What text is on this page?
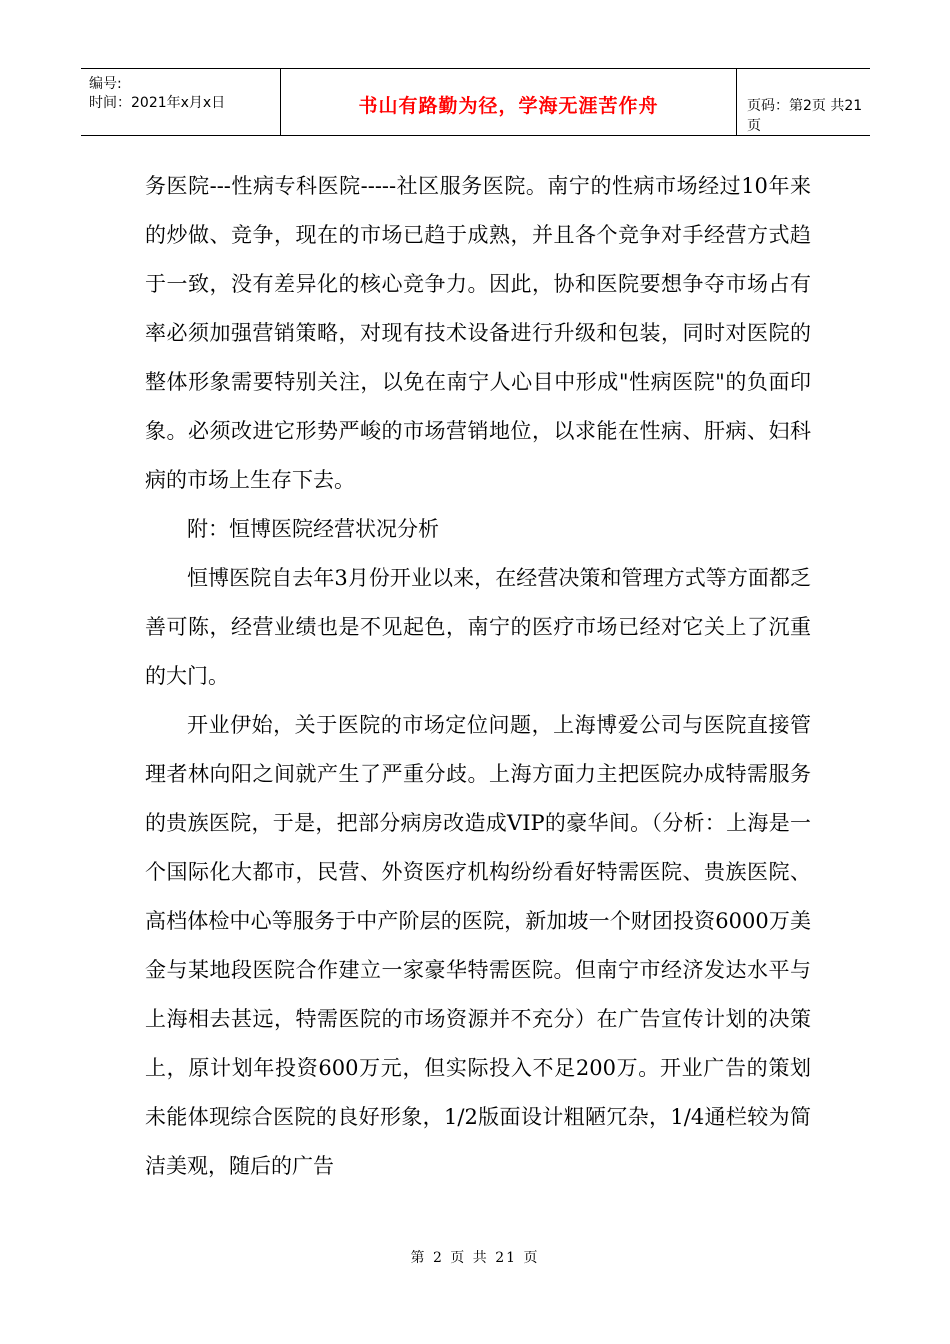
编号:
时间：2021年x月x日	书山有路勤为径，学海无涯苦作舟	页码：第2页 共21页

务医院---性病专科医院-----社区服务医院。南宁的性病市场经过10年来的炒做、竞争，现在的市场已趋于成熟，并且各个竞争对手经营方式趋于一致，没有差异化的核心竞争力。因此，协和医院要想争夺市场占有率必须加强营销策略，对现有技术设备进行升级和包装，同时对医院的整体形象需要特别关注，以免在南宁人心目中形成"性病医院"的负面印象。必须改进它形势严峻的市场营销地位，以求能在性病、肝病、妇科病的市场上生存下去。

附：恒博医院经营状况分析

恒博医院自去年3月份开业以来，在经营决策和管理方式等方面都乏善可陈，经营业绩也是不见起色，南宁的医疗市场已经对它关上了沉重的大门。

开业伊始，关于医院的市场定位问题，上海博爱公司与医院直接管理者林向阳之间就产生了严重分歧。上海方面力主把医院办成特需服务的贵族医院，于是，把部分病房改造成VIP的豪华间。（分析：上海是一个国际化大都市，民营、外资医疗机构纷纷看好特需医院、贵族医院、高档体检中心等服务于中产阶层的医院，新加坡一个财团投资6000万美金与某地段医院合作建立一家豪华特需医院。但南宁市经济发达水平与上海相去甚远，特需医院的市场资源并不充分）在广告宣传计划的决策上，原计划年投资600万元，但实际投入不足200万。开业广告的策划未能体现综合医院的良好形象，1/2版面设计粗陋冗杂，1/4通栏较为简洁美观，随后的广告

第 2 页 共 21 页
